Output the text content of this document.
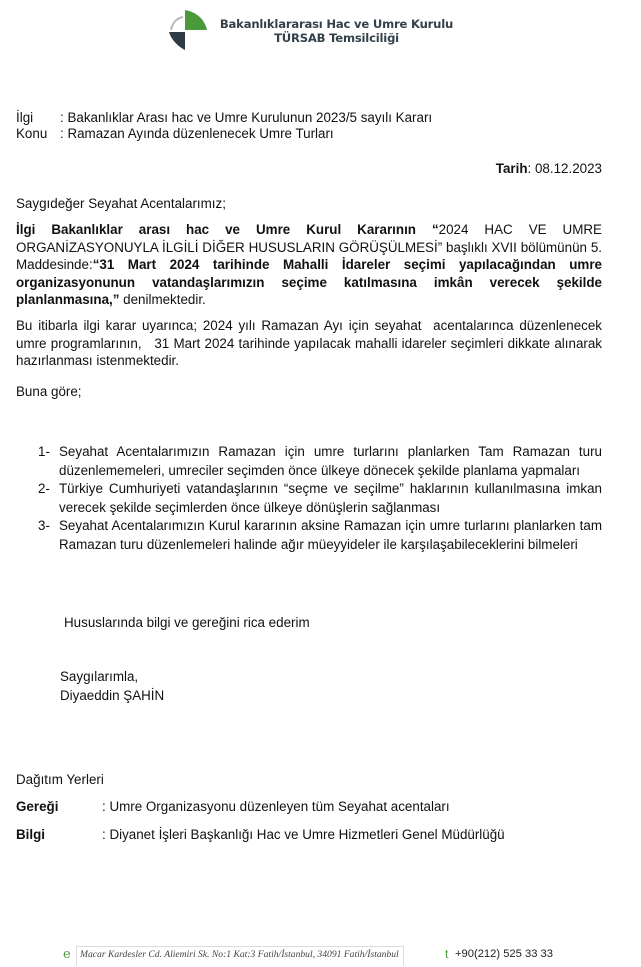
Bakanlıklararası Hac ve Umre Kurulu
TÜRSAB Temsilciliği
İlgi : Bakanlıklar Arası hac ve Umre Kurulunun 2023/5 sayılı Kararı
Konu : Ramazan Ayında düzenlenecek Umre Turları
Tarih: 08.12.2023
Saygıdeğer Seyahat Acentalarımız;
İlgi Bakanlıklar arası hac ve Umre Kurul Kararının “2024 HAC VE UMRE ORGANİZASYONUYLA İLGİLİ DİĞER HUSUSLARIN GÖRÜŞÜLMESİ” başlıklı XVII bölümünün 5. Maddesinde:“31 Mart 2024 tarihinde Mahalli İdareler seçimi yapılacağından umre organizasyonunun vatandaşlarımızın seçime katılmasına imkân verecek şekilde planlanmasına,” denilmektedir.
Bu itibarla ilgi karar uyarınca; 2024 yılı Ramazan Ayı için seyahat  acentalarınca düzenlenecek  umre programlarının,   31 Mart 2024 tarihinde yapılacak mahalli idareler seçimleri dikkate alınarak hazırlanması istenmektedir.
Buna göre;
1- Seyahat Acentalarımızın Ramazan için umre turlarını planlarken Tam Ramazan turu düzenlememeleri, umreciler seçimden önce ülkeye dönecek şekilde planlama yapmaları
2- Türkiye Cumhuriyeti vatandaşlarının “seçme ve seçilme” haklarının kullanılmasına imkan verecek şekilde seçimlerden önce ülkeye dönüşlerin sağlanması
3- Seyahat Acentalarımızın Kurul kararının aksine Ramazan için umre turlarını planlarken tam Ramazan turu düzenlemeleri halinde ağır müeyyideler ile karşılaşabileceklerini bilmeleri
Hususlarında bilgi ve gereğini rica ederim
Saygılarımla,
Diyaeddin ŞAHİN
Dağıtım Yerleri
Gereği	: Umre Organizasyonu düzenleyen tüm Seyahat acentaları
Bilgi	: Diyanet İşleri Başkanlığı Hac ve Umre Hizmetleri Genel Müdürlüğü
e Macar Kardesler Cd. Aliemiri Sk. No:1 Kat:3 Fatih/İstanbul, 34091 Fatih/İstanbul	t +90(212) 525 33 33
